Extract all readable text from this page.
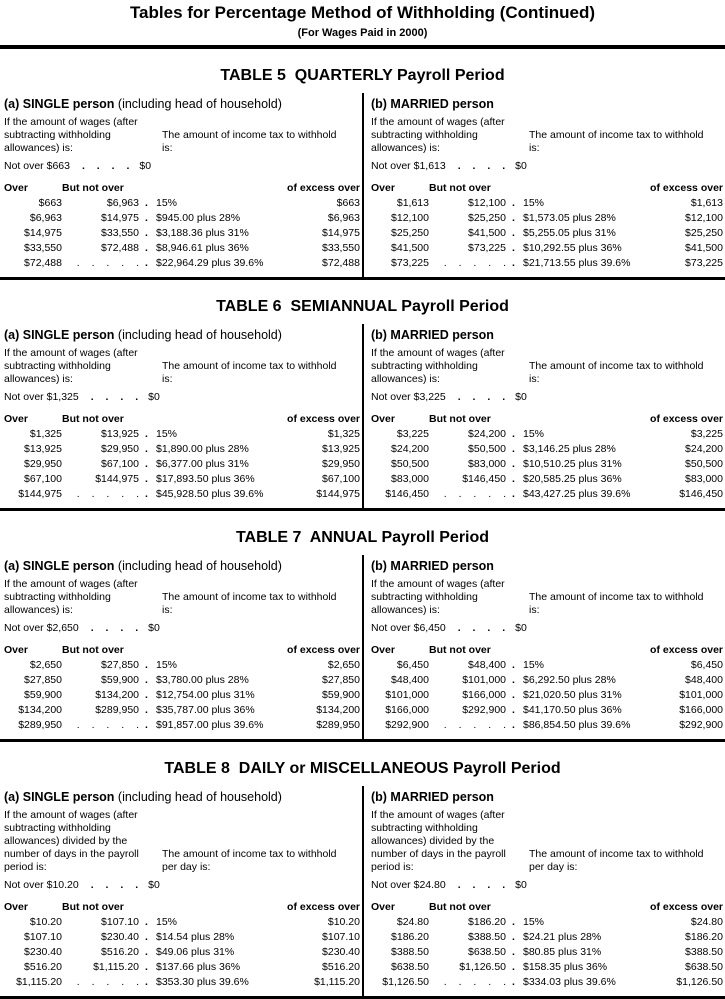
Tables for Percentage Method of Withholding (Continued)
(For Wages Paid in 2000)
TABLE 5  QUARTERLY Payroll Period
(a) SINGLE person (including head of household)
If the amount of wages (after subtracting withholding allowances) is:
The amount of income tax to withhold is:
Not over $663 . . . . $0
Over	But not over	of excess over
$663	$6,963 . 15%	$663
$6,963	$14,975 . $945.00 plus 28%	$6,963
$14,975	$33,550 . $3,188.36 plus 31%	$14,975
$33,550	$72,488 . $8,946.61 plus 36%	$33,550
$72,488	. . . . . . $22,964.29 plus 39.6%	$72,488
(b) MARRIED person
If the amount of wages (after subtracting withholding allowances) is:
The amount of income tax to withhold is:
Not over $1,613 . . . . $0
Over	But not over	of excess over
$1,613	$12,100 . 15%	$1,613
$12,100	$25,250 . $1,573.05 plus 28%	$12,100
$25,250	$41,500 . $5,255.05 plus 31%	$25,250
$41,500	$73,225 . $10,292.55 plus 36%	$41,500
$73,225	. . . . . . $21,713.55 plus 39.6%	$73,225
TABLE 6  SEMIANNUAL Payroll Period
(a) SINGLE person (including head of household)
If the amount of wages (after subtracting withholding allowances) is:
The amount of income tax to withhold is:
Not over $1,325 . . . . $0
Over	But not over	of excess over
$1,325	$13,925 . 15%	$1,325
$13,925	$29,950 . $1,890.00 plus 28%	$13,925
$29,950	$67,100 . $6,377.00 plus 31%	$29,950
$67,100	$144,975 . $17,893.50 plus 36%	$67,100
$144,975	. . . . . . $45,928.50 plus 39.6%	$144,975
(b) MARRIED person
If the amount of wages (after subtracting withholding allowances) is:
The amount of income tax to withhold is:
Not over $3,225 . . . . $0
Over	But not over	of excess over
$3,225	$24,200 . 15%	$3,225
$24,200	$50,500 . $3,146.25 plus 28%	$24,200
$50,500	$83,000 . $10,510.25 plus 31%	$50,500
$83,000	$146,450 . $20,585.25 plus 36%	$83,000
$146,450	. . . . . . $43,427.25 plus 39.6%	$146,450
TABLE 7  ANNUAL Payroll Period
(a) SINGLE person (including head of household)
If the amount of wages (after subtracting withholding allowances) is:
The amount of income tax to withhold is:
Not over $2,650 . . . . $0
Over	But not over	of excess over
$2,650	$27,850 . 15%	$2,650
$27,850	$59,900 . $3,780.00 plus 28%	$27,850
$59,900	$134,200 . $12,754.00 plus 31%	$59,900
$134,200	$289,950 . $35,787.00 plus 36%	$134,200
$289,950	. . . . . . $91,857.00 plus 39.6%	$289,950
(b) MARRIED person
If the amount of wages (after subtracting withholding allowances) is:
The amount of income tax to withhold is:
Not over $6,450 . . . . $0
Over	But not over	of excess over
$6,450	$48,400 . 15%	$6,450
$48,400	$101,000 . $6,292.50 plus 28%	$48,400
$101,000	$166,000 . $21,020.50 plus 31%	$101,000
$166,000	$292,900 . $41,170.50 plus 36%	$166,000
$292,900	. . . . . . $86,854.50 plus 39.6%	$292,900
TABLE 8  DAILY or MISCELLANEOUS Payroll Period
(a) SINGLE person (including head of household)
If the amount of wages (after subtracting withholding allowances) divided by the number of days in the payroll period is:
The amount of income tax to withhold per day is:
Not over $10.20 . . . . $0
Over	But not over	of excess over
$10.20	$107.10 . 15%	$10.20
$107.10	$230.40 . $14.54 plus 28%	$107.10
$230.40	$516.20 . $49.06 plus 31%	$230.40
$516.20	$1,115.20 . $137.66 plus 36%	$516.20
$1,115.20	. . . . . . $353.30 plus 39.6%	$1,115.20
(b) MARRIED person
If the amount of wages (after subtracting withholding allowances) divided by the number of days in the payroll period is:
The amount of income tax to withhold per day is:
Not over $24.80 . . . . $0
Over	But not over	of excess over
$24.80	$186.20 . 15%	$24.80
$186.20	$388.50 . $24.21 plus 28%	$186.20
$388.50	$638.50 . $80.85 plus 31%	$388.50
$638.50	$1,126.50 . $158.35 plus 36%	$638.50
$1,126.50	. . . . . . $334.03 plus 39.6%	$1,126.50
